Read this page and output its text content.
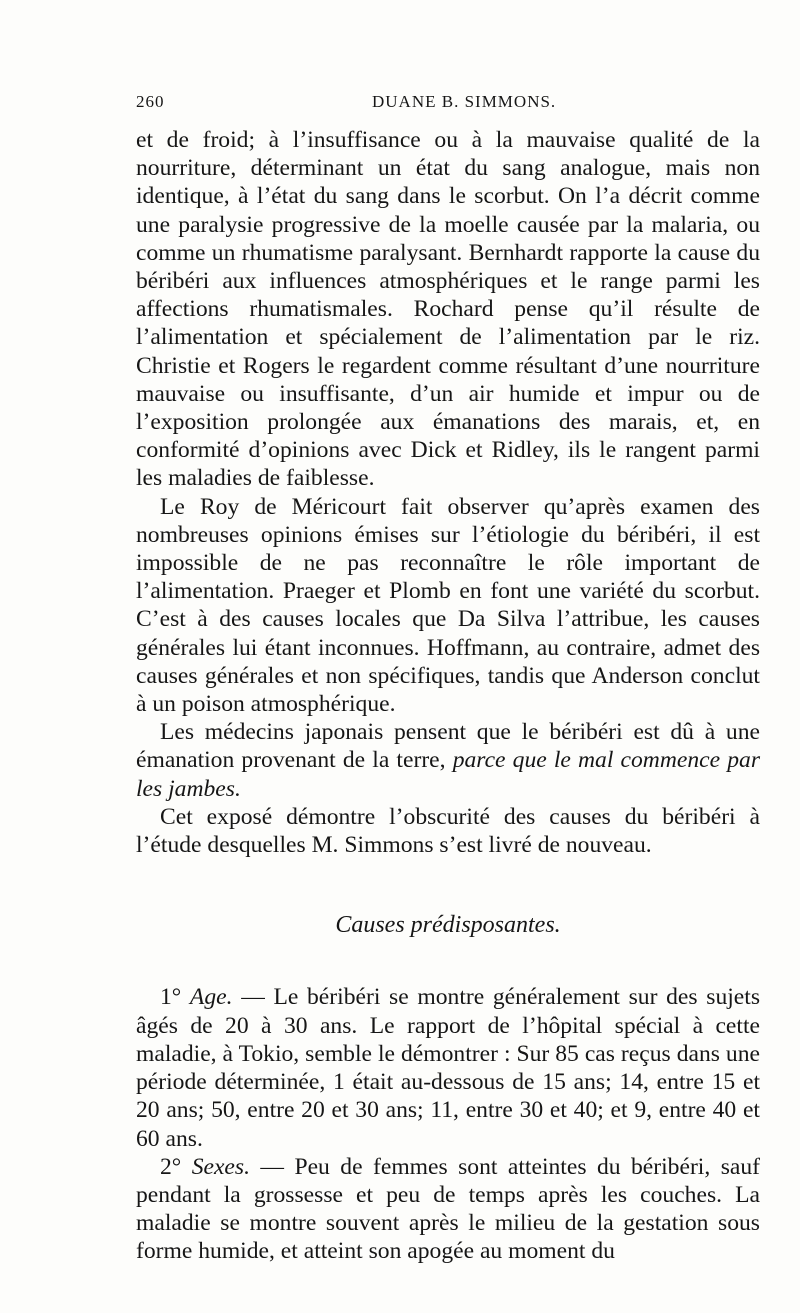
260	DUANE B. SIMMONS.

et de froid; à l’insuffisance ou à la mauvaise qualité de la nourriture, déterminant un état du sang analogue, mais non identique, à l’état du sang dans le scorbut. On l’a décrit comme une paralysie progressive de la moelle causée par la malaria, ou comme un rhumatisme paralysant. Bernhardt rapporte la cause du béribéri aux influences atmosphériques et le range parmi les affections rhumatismales. Rochard pense qu’il résulte de l’alimentation et spécialement de l’alimentation par le riz. Christie et Rogers le regardent comme résultant d’une nourriture mauvaise ou insuffisante, d’un air humide et impur ou de l’exposition prolongée aux émanations des marais, et, en conformité d’opinions avec Dick et Ridley, ils le rangent parmi les maladies de faiblesse.

Le Roy de Méricourt fait observer qu’après examen des nombreuses opinions émises sur l’étiologie du béribéri, il est impossible de ne pas reconnaître le rôle important de l’alimentation. Praeger et Plomb en font une variété du scorbut. C’est à des causes locales que Da Silva l’attribue, les causes générales lui étant inconnues. Hoffmann, au contraire, admet des causes générales et non spécifiques, tandis que Anderson conclut à un poison atmosphérique.

Les médecins japonais pensent que le béribéri est dû à une émanation provenant de la terre, parce que le mal commence par les jambes.

Cet exposé démontre l’obscurité des causes du béribéri à l’étude desquelles M. Simmons s’est livré de nouveau.

Causes prédisposantes.

1° Age. — Le béribéri se montre généralement sur des sujets âgés de 20 à 30 ans. Le rapport de l’hôpital spécial à cette maladie, à Tokio, semble le démontrer : Sur 85 cas reçus dans une période déterminée, 1 était au-dessous de 15 ans; 14, entre 15 et 20 ans; 50, entre 20 et 30 ans; 11, entre 30 et 40; et 9, entre 40 et 60 ans.

2° Sexes. — Peu de femmes sont atteintes du béribéri, sauf pendant la grossesse et peu de temps après les couches. La maladie se montre souvent après le milieu de la gestation sous forme humide, et atteint son apogée au moment du
